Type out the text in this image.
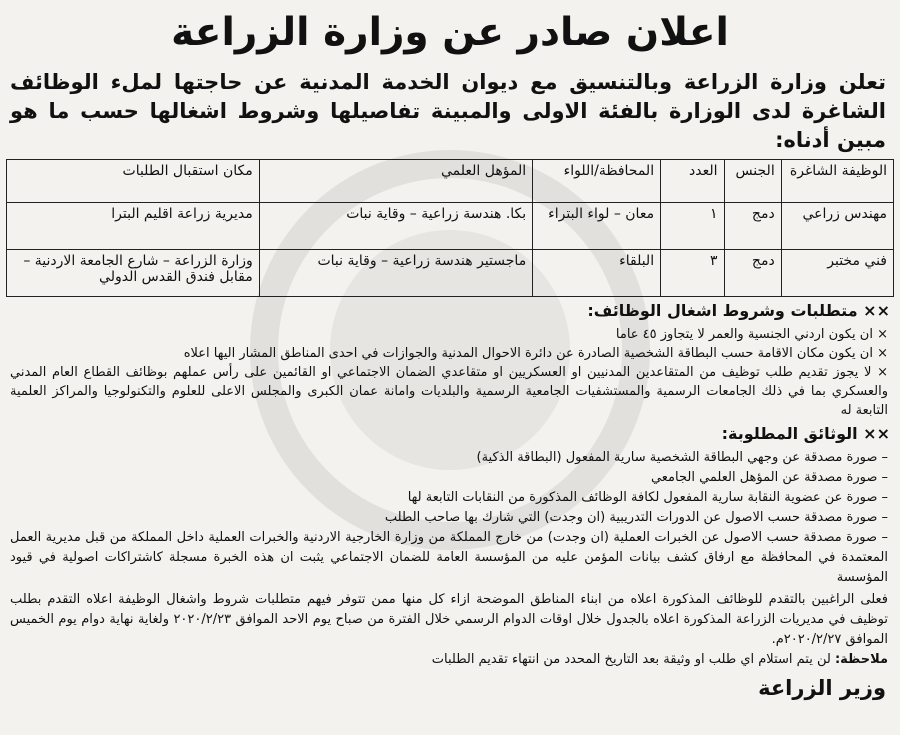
اعلان صادر عن وزارة الزراعة

تعلن وزارة الزراعة وبالتنسيق مع ديوان الخدمة المدنية عن حاجتها لملء الوظائف الشاغرة لدى الوزارة بالفئة الاولى والمبينة تفاصيلها وشروط اشغالها حسب ما هو مبين أدناه:

الوظيفة الشاغرة	الجنس	العدد	المحافظة/اللواء	المؤهل العلمي	مكان استقبال الطلبات
مهندس زراعي	دمج	١	معان – لواء البتراء	بكا. هندسة زراعية – وقاية نبات	مديرية زراعة اقليم البترا
فني مختبر	دمج	٣	البلقاء	ماجستير هندسة زراعية – وقاية نبات	وزارة الزراعة – شارع الجامعة الاردنية – مقابل فندق القدس الدولي
×× متطلبات وشروط اشغال الوظائف:
× ان يكون اردني الجنسية والعمر لا يتجاوز ٤٥ عاما
× ان يكون مكان الاقامة حسب البطاقة الشخصية الصادرة عن دائرة الاحوال المدنية والجوازات في احدى المناطق المشار اليها اعلاه
× لا يجوز تقديم طلب توظيف من المتقاعدين المدنيين او العسكريين او متقاعدي الضمان الاجتماعي او القائمين على رأس عملهم بوظائف القطاع العام المدني والعسكري بما في ذلك الجامعات الرسمية والمستشفيات الجامعية الرسمية والبلديات وامانة عمان الكبرى والمجلس الاعلى للعلوم والتكنولوجيا والمراكز العلمية التابعة له
×× الوثائق المطلوبة:
– صورة مصدقة عن وجهي البطاقة الشخصية سارية المفعول (البطاقة الذكية)
– صورة مصدقة عن المؤهل العلمي الجامعي
– صورة عن عضوية النقابة سارية المفعول لكافة الوظائف المذكورة من النقابات التابعة لها
– صورة مصدقة حسب الاصول عن الدورات التدريبية (ان وجدت) التي شارك بها صاحب الطلب
– صورة مصدقة حسب الاصول عن الخبرات العملية (ان وجدت) من خارج المملكة من وزارة الخارجية الاردنية والخبرات العملية داخل المملكة من قبل مديرية العمل المعتمدة في المحافظة مع ارفاق كشف بيانات المؤمن عليه من المؤسسة العامة للضمان الاجتماعي يثبت ان هذه الخبرة مسجلة كاشتراكات اصولية في قيود المؤسسة

فعلى الراغبين بالتقدم للوظائف المذكورة اعلاه من ابناء المناطق الموضحة ازاء كل منها ممن تتوفر فيهم متطلبات شروط واشغال الوظيفة اعلاه التقدم بطلب توظيف في مديريات الزراعة المذكورة اعلاه بالجدول خلال اوقات الدوام الرسمي خلال الفترة من صباح يوم الاحد الموافق ٢٠٢٠/٢/٢٣ ولغاية نهاية دوام يوم الخميس الموافق ٢٠٢٠/٢/٢٧م.

ملاحظة: لن يتم استلام اي طلب او وثيقة بعد التاريخ المحدد من انتهاء تقديم الطلبات
وزير الزراعة
